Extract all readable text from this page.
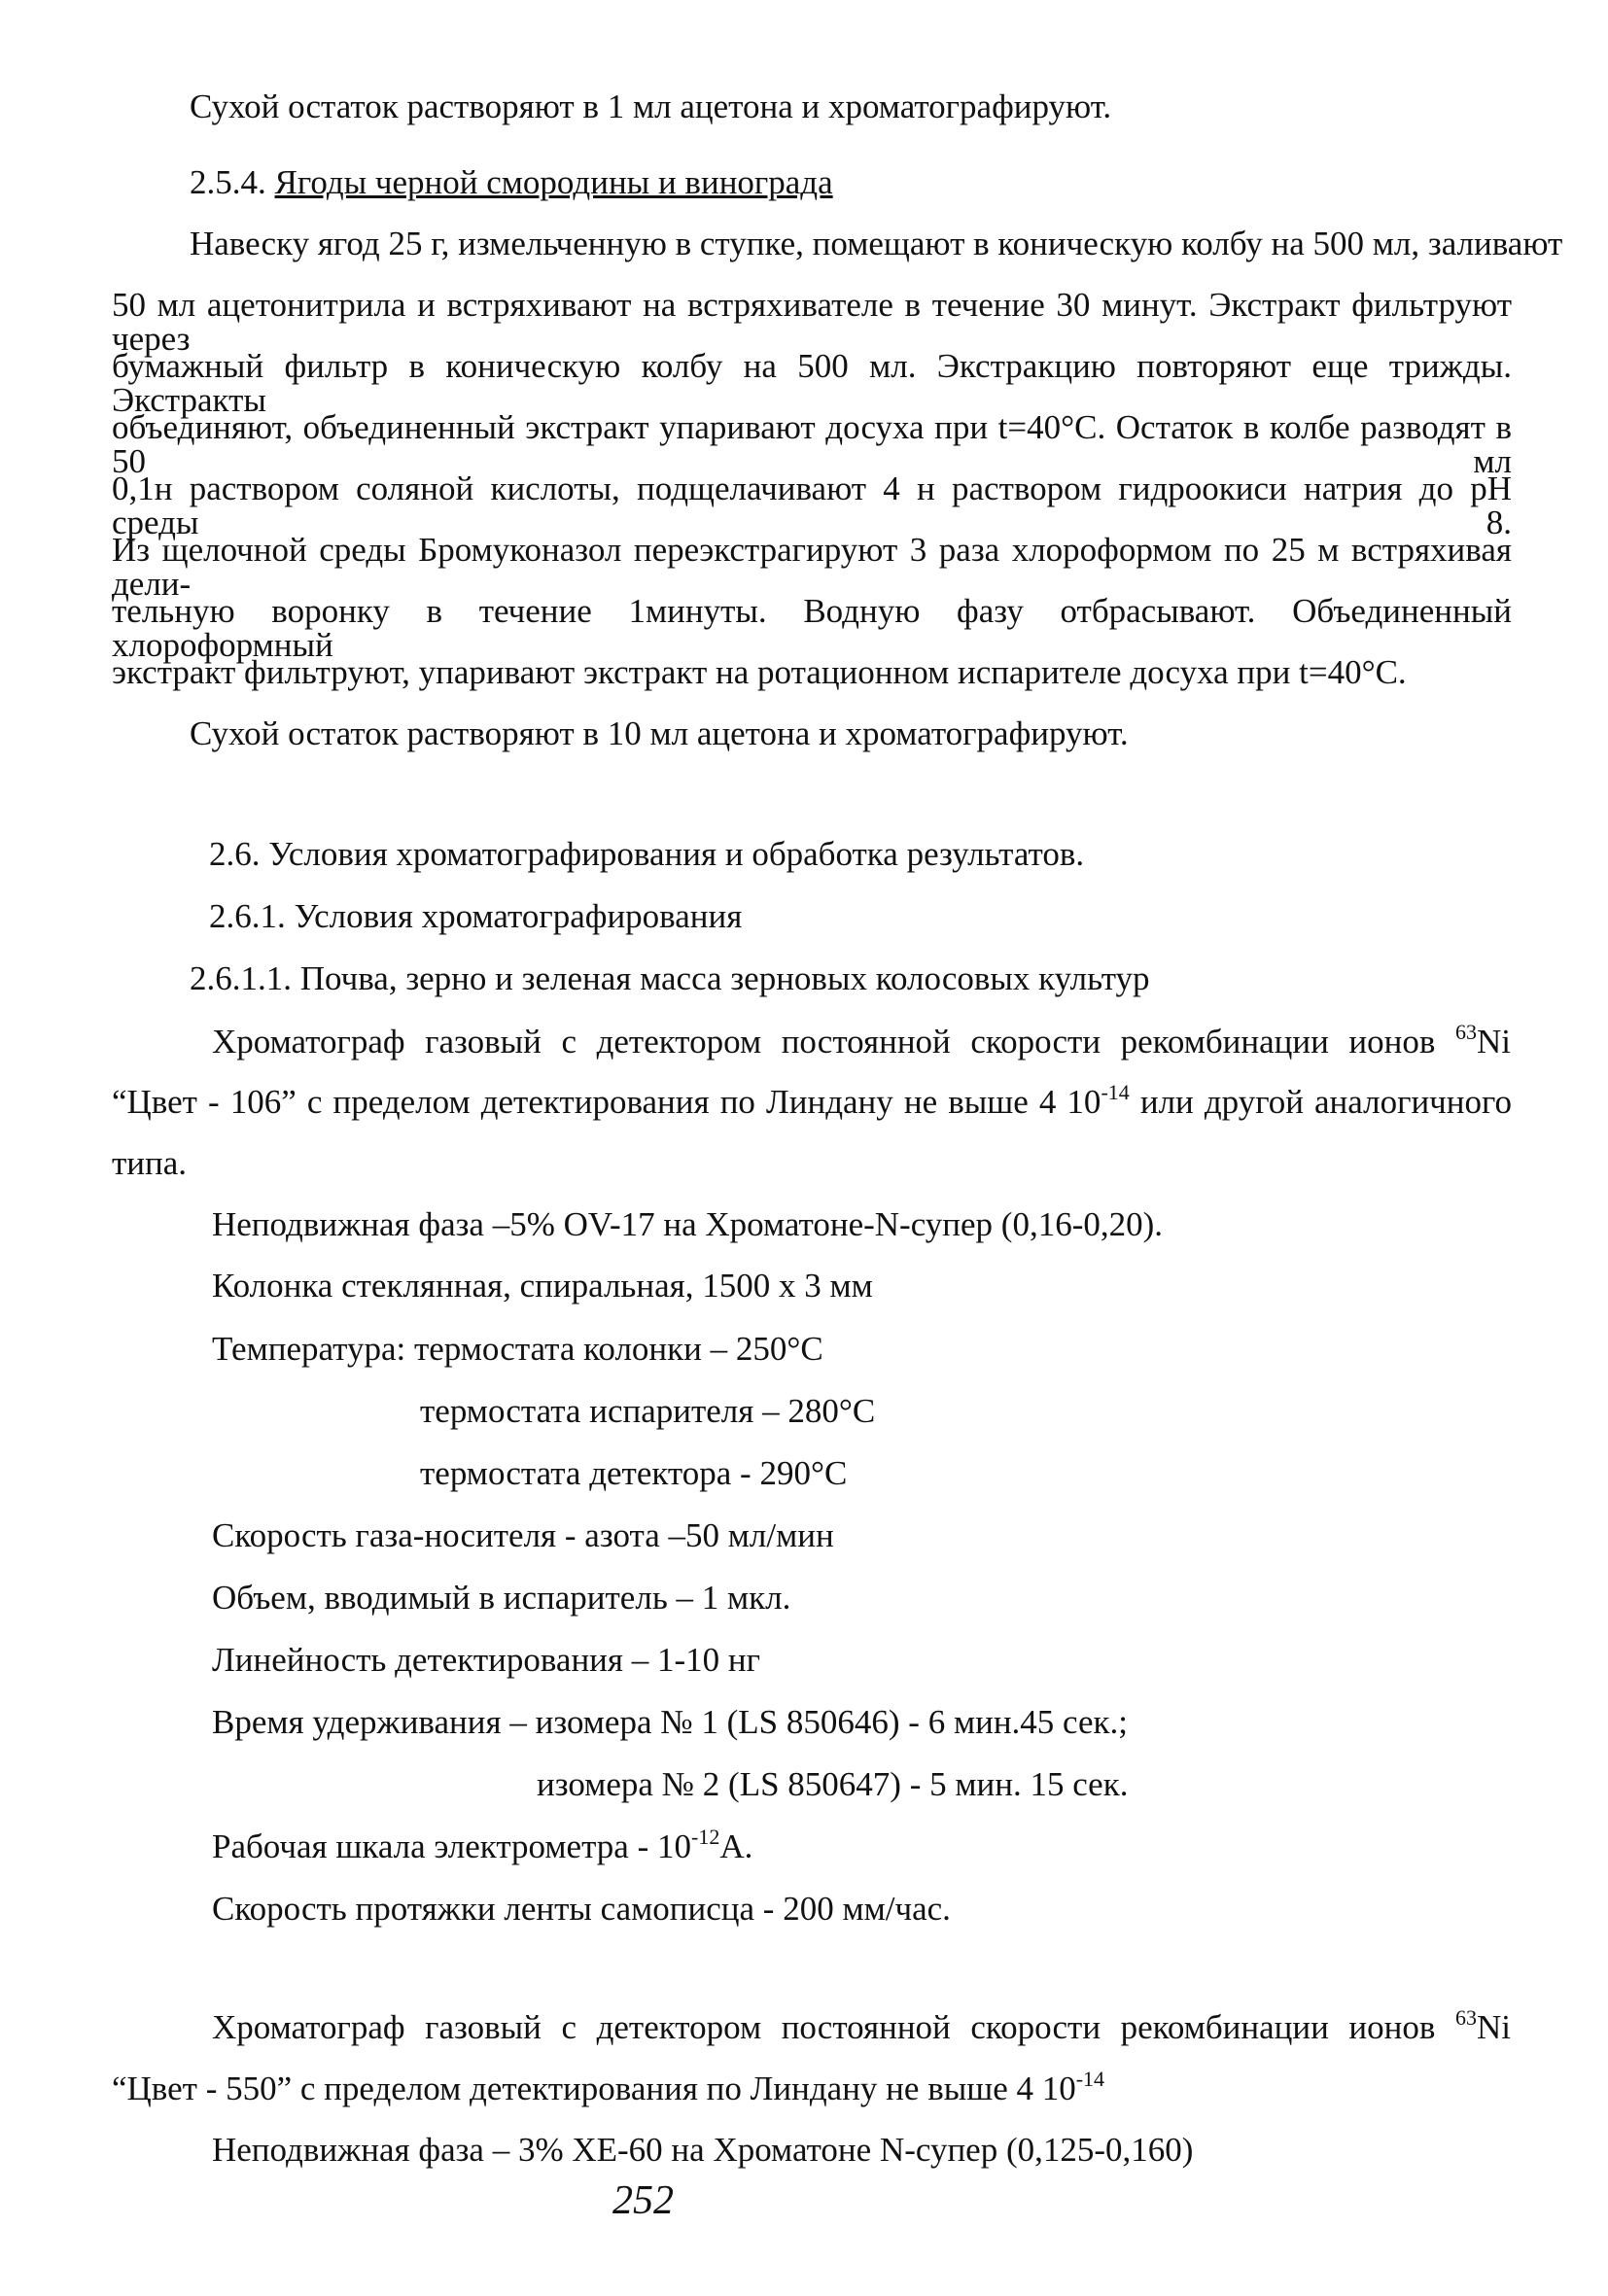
Сухой остаток растворяют в 1 мл ацетона и хроматографируют.
2.5.4. Ягоды черной смородины и винограда
Навеску ягод 25 г, измельченную в ступке, помещают в коническую колбу на 500 мл, заливают
50 мл ацетонитрила и встряхивают на встряхивателе в течение 30 минут. Экстракт фильтруют через
бумажный фильтр в коническую колбу на 500 мл. Экстракцию повторяют еще трижды. Экстракты
объединяют, объединенный экстракт упаривают досуха при t=40°С. Остаток в колбе разводят в 50 мл
0,1н раствором соляной кислоты, подщелачивают 4 н раствором гидроокиси натрия до рН среды 8.
Из щелочной среды Бромуконазол переэкстрагируют 3 раза хлороформом по 25 м встряхивая дели-
тельную воронку в течение 1минуты. Водную фазу отбрасывают. Объединенный хлороформный
экстракт фильтруют, упаривают экстракт на ротационном испарителе досуха при t=40°С.
Сухой остаток растворяют в 10 мл ацетона и хроматографируют.
2.6. Условия хроматографирования и обработка результатов.
2.6.1. Условия хроматографирования
2.6.1.1. Почва, зерно и зеленая масса зерновых колосовых культур
Хроматограф газовый с детектором постоянной скорости рекомбинации ионов $^{63}$Ni
“Цвет - 106” с пределом детектирования по Линдану не выше 4 $10^{-14}$ или другой аналогичного
типа.
Неподвижная фаза –5% OV-17 на Хроматоне-N-супер (0,16-0,20).
Колонка стеклянная, спиральная, 1500 х 3 мм
Температура: термостата колонки – 250°С
термостата испарителя – 280°С
термостата детектора - 290°С
Скорость газа-носителя - азота –50 мл/мин
Объем, вводимый в испаритель – 1 мкл.
Линейность детектирования – 1-10 нг
Время удерживания – изомера № 1 (LS 850646) - 6 мин.45 сек.;
изомера № 2 (LS 850647) - 5 мин. 15 сек.
Рабочая шкала электрометра - $10^{-12}А$.
Скорость протяжки ленты самописца - 200 мм/час.
Хроматограф газовый с детектором постоянной скорости рекомбинации ионов $^{63}$Ni
“Цвет - 550” с пределом детектирования по Линдану не выше 4 $10^{-14}$
Неподвижная фаза – 3% ХЕ-60 на Хроматоне N-супер (0,125-0,160)
252
